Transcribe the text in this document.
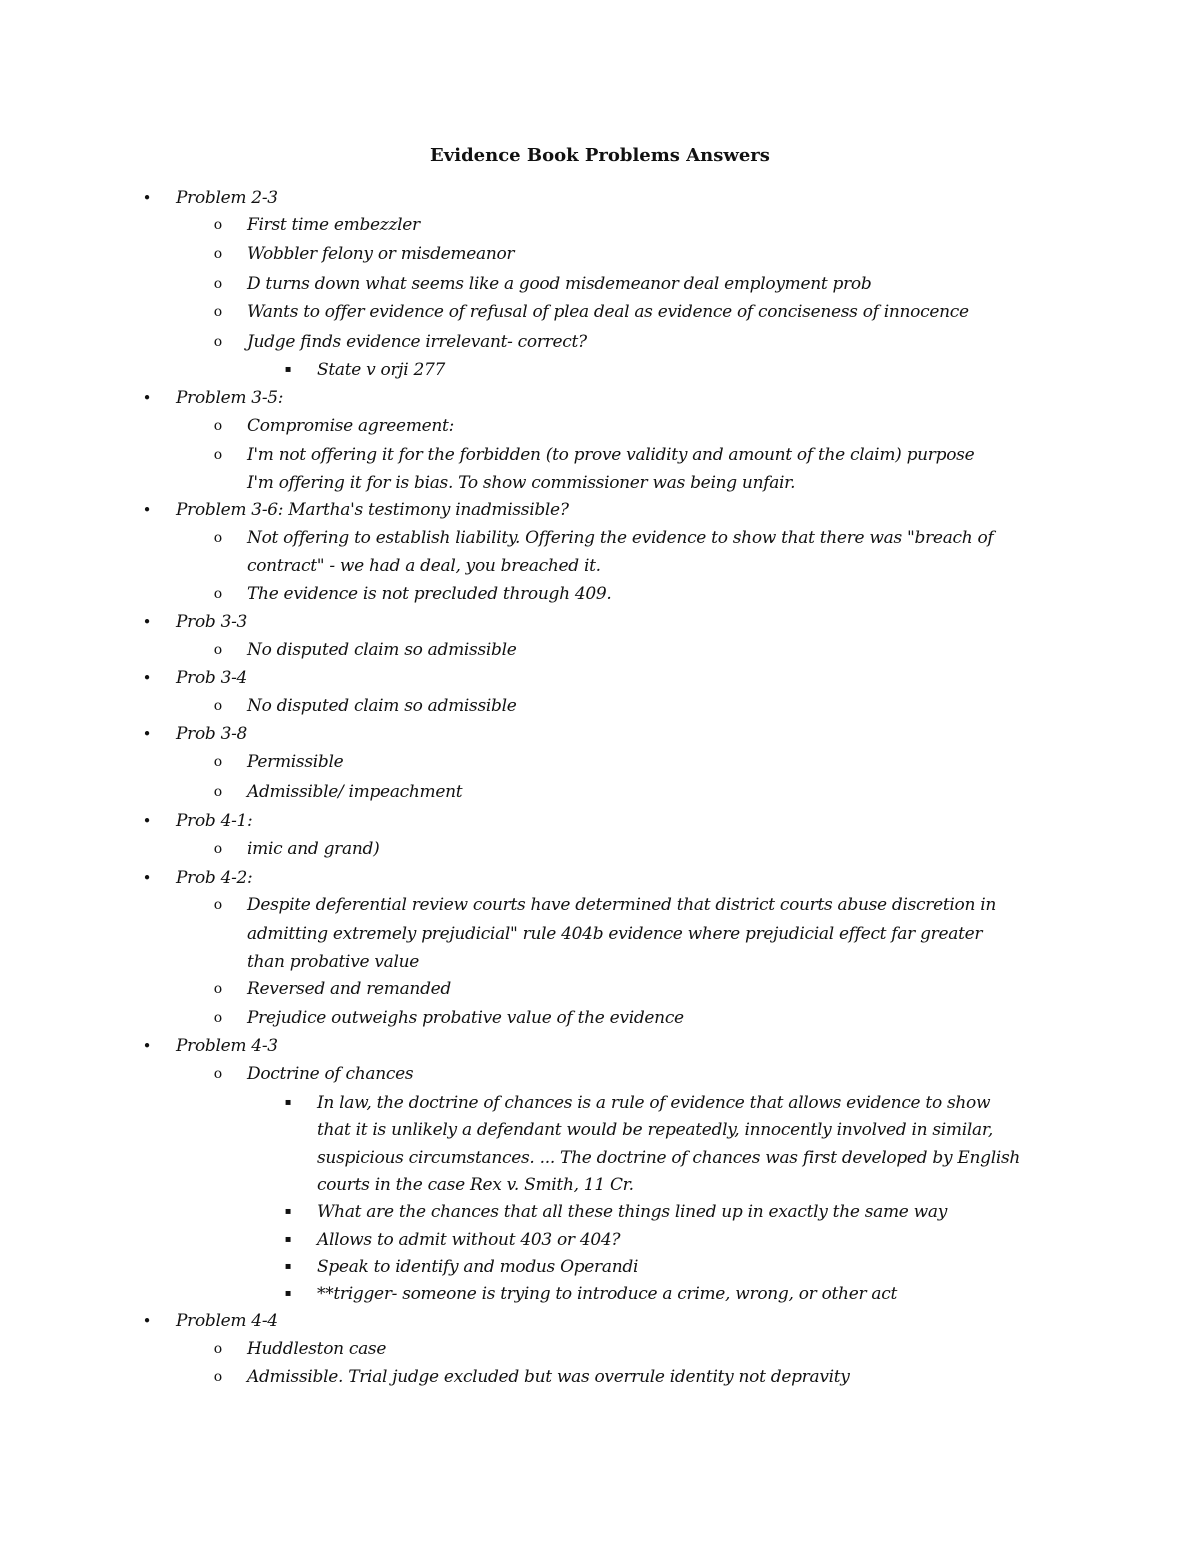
Evidence Book Problems Answers
• Problem 2-3
o First time embezzler
o Wobbler felony or misdemeanor
o D turns down what seems like a good misdemeanor deal employment prob
o Wants to offer evidence of refusal of plea deal as evidence of conciseness of innocence
o Judge finds evidence irrelevant- correct?
▪ State v orji 277
• Problem 3-5:
o Compromise agreement:
o I'm not offering it for the forbidden (to prove validity and amount of the claim) purpose
I'm offering it for is bias. To show commissioner was being unfair.
• Problem 3-6: Martha's testimony inadmissible?
o Not offering to establish liability. Offering the evidence to show that there was "breach of
contract" - we had a deal, you breached it.
o The evidence is not precluded through 409.
• Prob 3-3
o No disputed claim so admissible
• Prob 3-4
o No disputed claim so admissible
• Prob 3-8
o Permissible
o Admissible/ impeachment
• Prob 4-1:
o imic and grand)
• Prob 4-2:
o Despite deferential review courts have determined that district courts abuse discretion in
admitting extremely prejudicial" rule 404b evidence where prejudicial effect far greater
than probative value
o Reversed and remanded
o Prejudice outweighs probative value of the evidence
• Problem 4-3
o Doctrine of chances
▪ In law, the doctrine of chances is a rule of evidence that allows evidence to show
that it is unlikely a defendant would be repeatedly, innocently involved in similar,
suspicious circumstances. ... The doctrine of chances was first developed by English
courts in the case Rex v. Smith, 11 Cr.
▪ What are the chances that all these things lined up in exactly the same way
▪ Allows to admit without 403 or 404?
▪ Speak to identify and modus Operandi
▪ **trigger- someone is trying to introduce a crime, wrong, or other act
• Problem 4-4
o Huddleston case
o Admissible. Trial judge excluded but was overrule identity not depravity
